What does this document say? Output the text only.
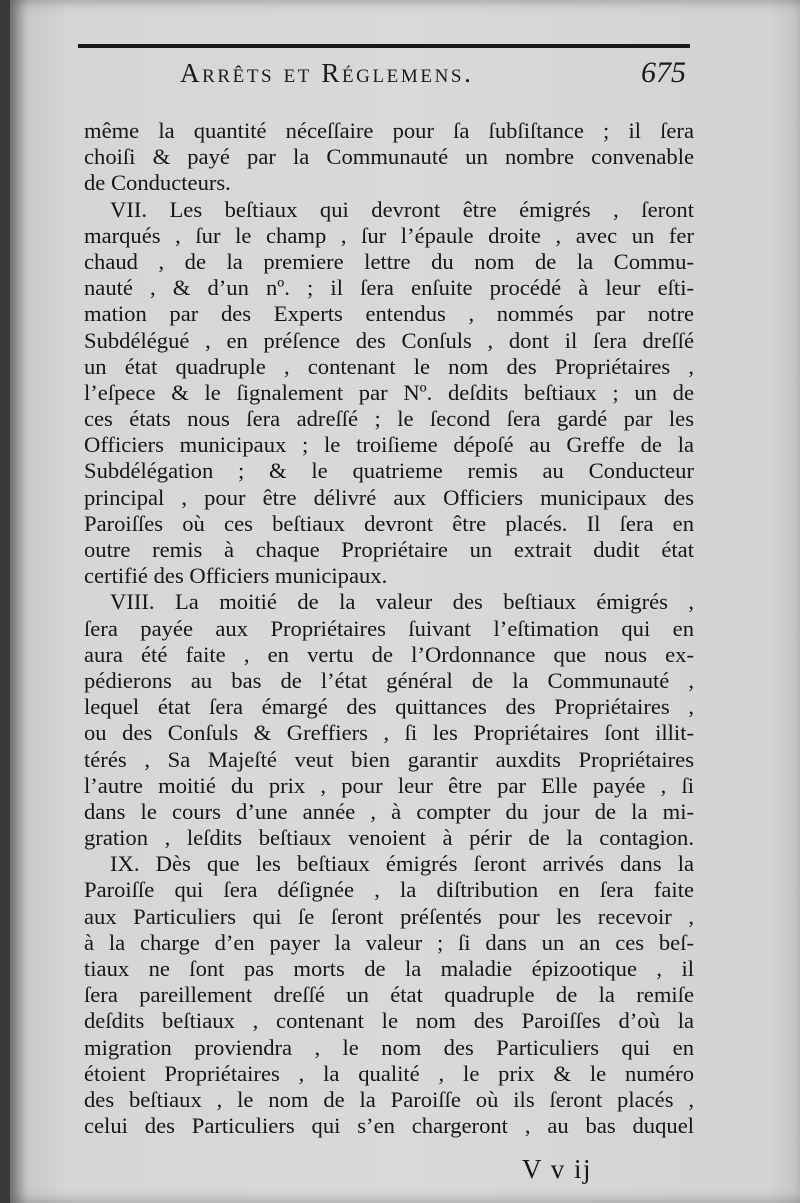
Arrêts et Réglemens.	675
même la quantité néceſſaire pour ſa ſubſiſtance ; il ſera
choiſi & payé par la Communauté un nombre convenable
de Conducteurs.
VII. Les beſtiaux qui devront être émigrés , ſeront
marqués , ſur le champ , ſur l’épaule droite , avec un fer
chaud , de la premiere lettre du nom de la Commu-
nauté , & d’un nº. ; il ſera enſuite procédé à leur eſti-
mation par des Experts entendus , nommés par notre
Subdélégué , en préſence des Conſuls , dont il ſera dreſſé
un état quadruple , contenant le nom des Propriétaires ,
l’eſpece & le ſignalement par Nº. deſdits beſtiaux ; un de
ces états nous ſera adreſſé ; le ſecond ſera gardé par les
Officiers municipaux ; le troiſieme dépoſé au Greffe de la
Subdélégation ; & le quatrieme remis au Conducteur
principal , pour être délivré aux Officiers municipaux des
Paroiſſes où ces beſtiaux devront être placés. Il ſera en
outre remis à chaque Propriétaire un extrait dudit état
certifié des Officiers municipaux.
VIII. La moitié de la valeur des beſtiaux émigrés ,
ſera payée aux Propriétaires ſuivant l’eſtimation qui en
aura été faite , en vertu de l’Ordonnance que nous ex-
pédierons au bas de l’état général de la Communauté ,
lequel état ſera émargé des quittances des Propriétaires ,
ou des Conſuls & Greffiers , ſi les Propriétaires ſont illit-
térés , Sa Majeſté veut bien garantir auxdits Propriétaires
l’autre moitié du prix , pour leur être par Elle payée , ſi
dans le cours d’une année , à compter du jour de la mi-
gration , leſdits beſtiaux venoient à périr de la contagion.
IX. Dès que les beſtiaux émigrés ſeront arrivés dans la
Paroiſſe qui ſera déſignée , la diſtribution en ſera faite
aux Particuliers qui ſe ſeront préſentés pour les recevoir ,
à la charge d’en payer la valeur ; ſi dans un an ces beſ-
tiaux ne ſont pas morts de la maladie épizootique , il
ſera pareillement dreſſé un état quadruple de la remiſe
deſdits beſtiaux , contenant le nom des Paroiſſes d’où la
migration proviendra , le nom des Particuliers qui en
étoient Propriétaires , la qualité , le prix & le numéro
des beſtiaux , le nom de la Paroiſſe où ils ſeront placés ,
celui des Particuliers qui s’en chargeront , au bas duquel
V v ij
